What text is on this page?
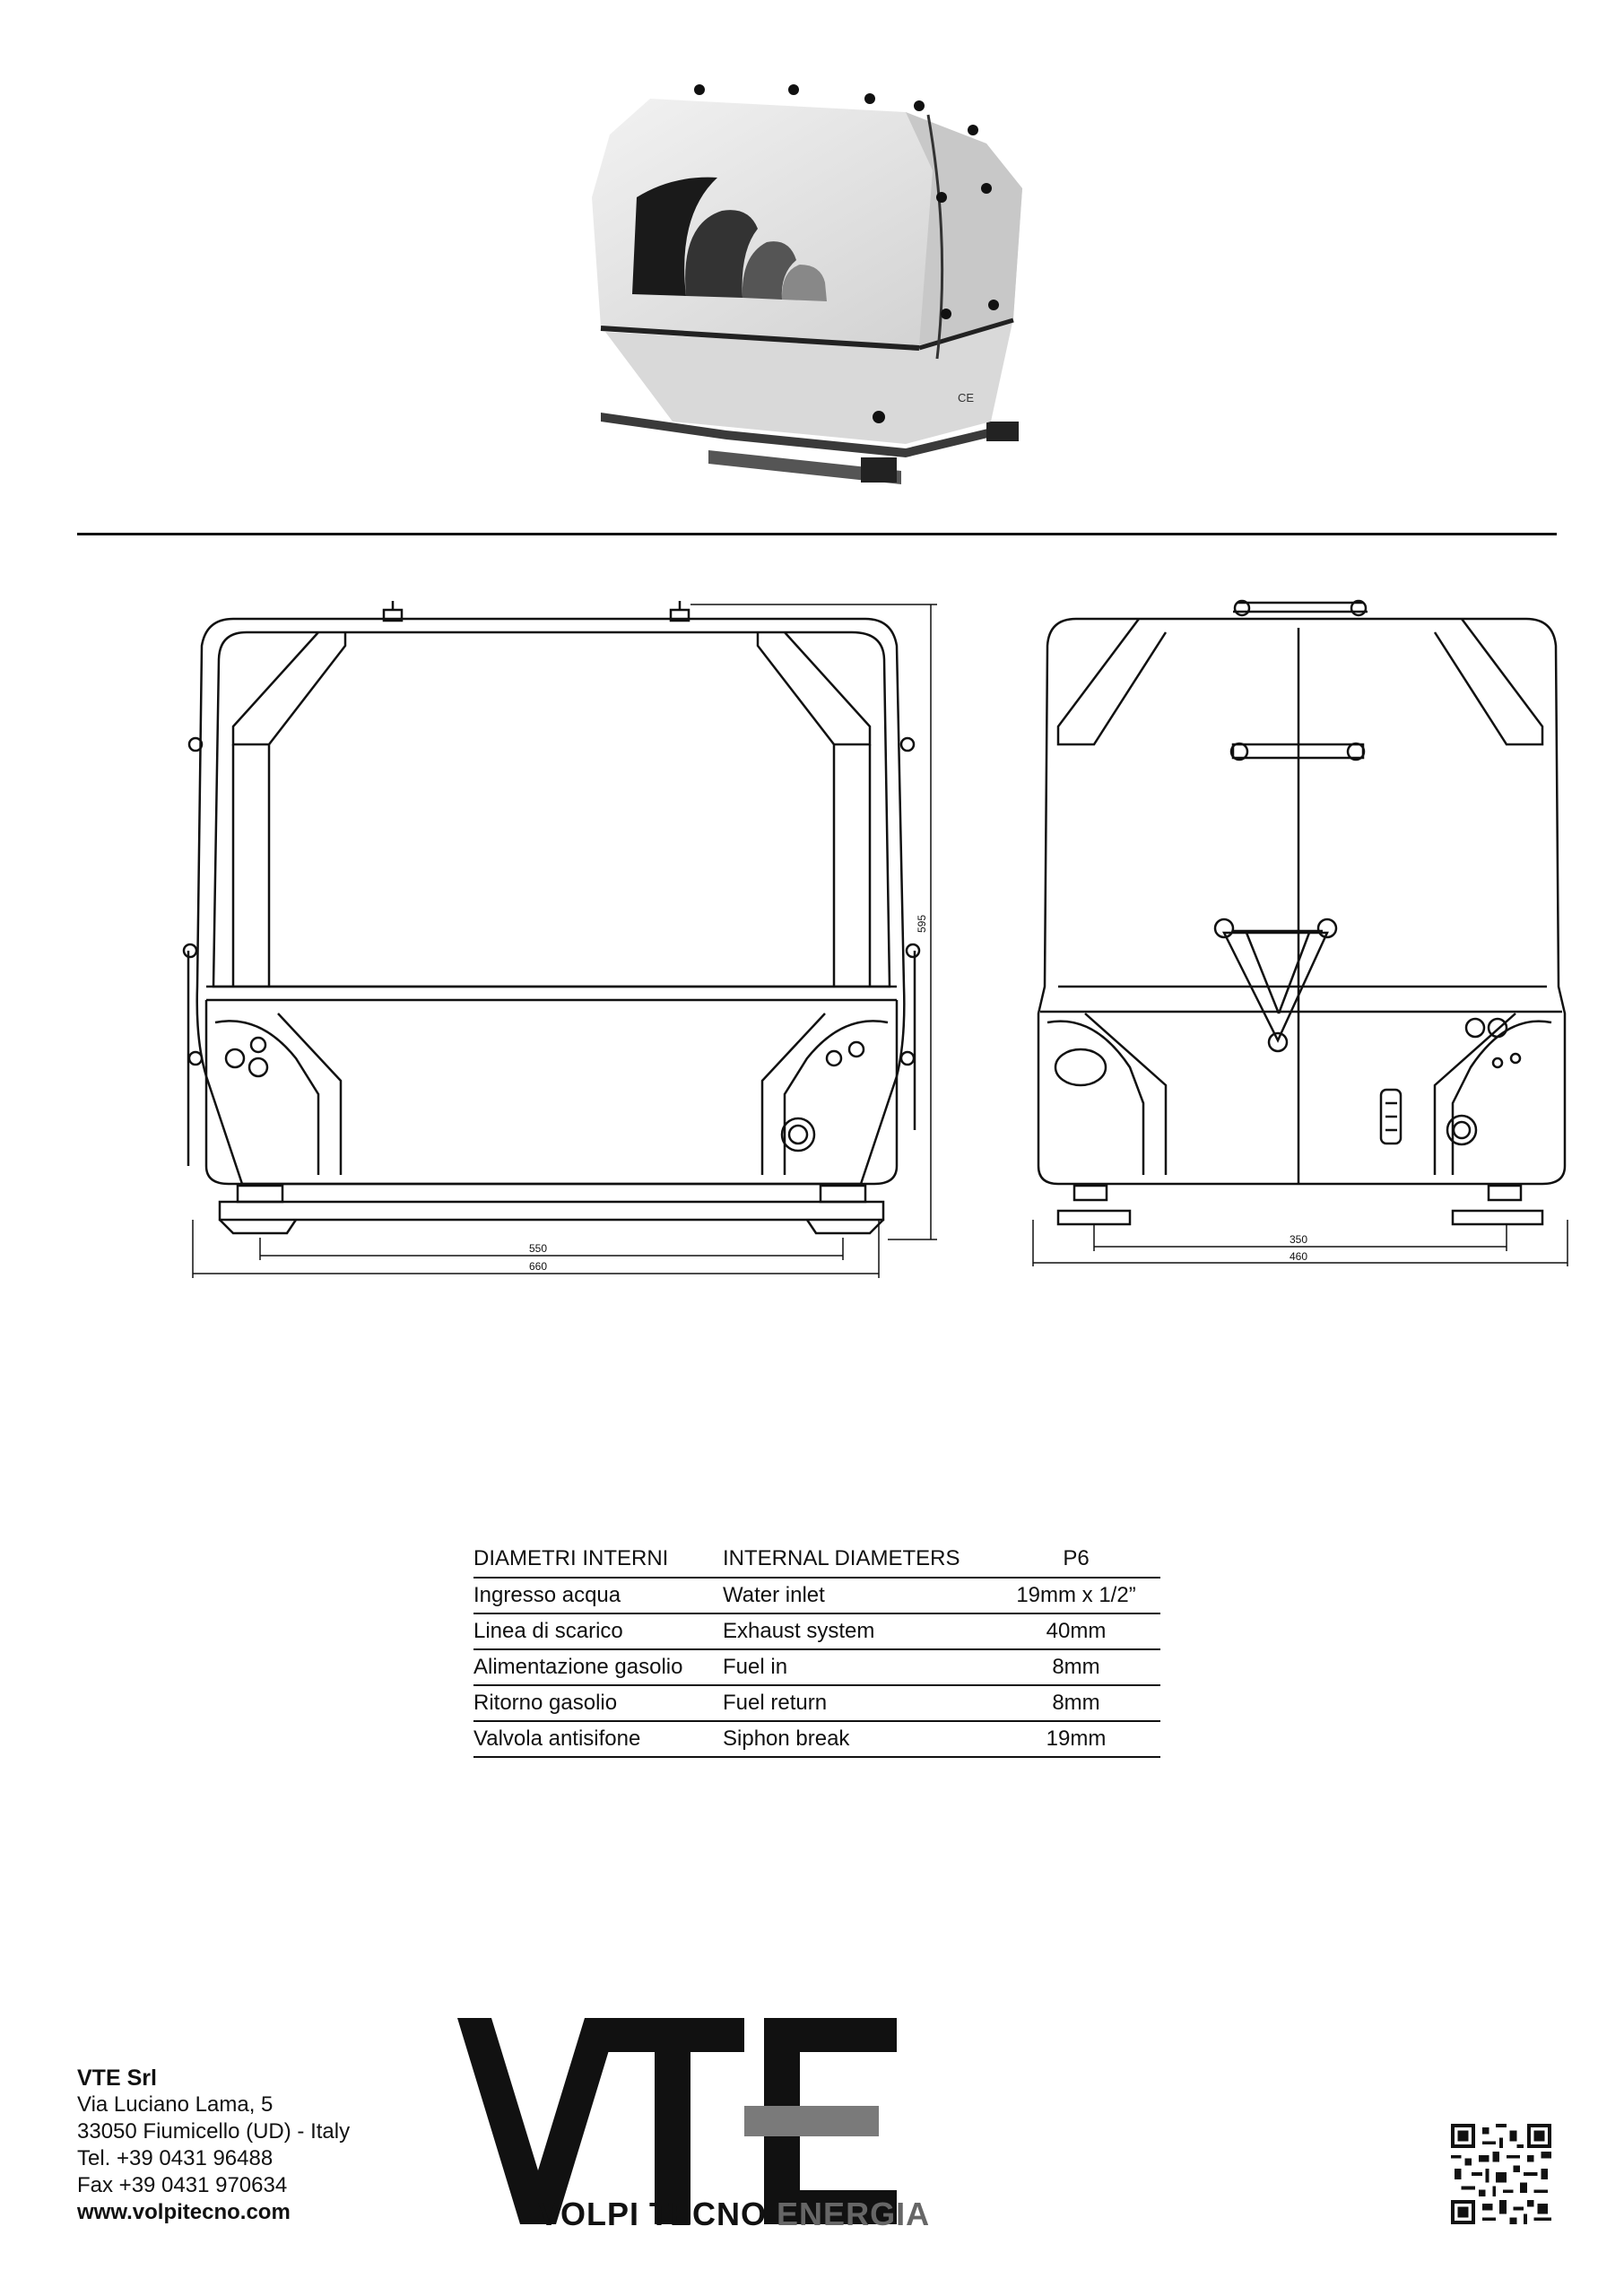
CE
550
660
595
350
460
DIAMETRI INTERNI	INTERNAL DIAMETERS	P6
Ingresso acqua	Water inlet	19mm x 1/2”
Linea di scarico	Exhaust system	40mm
Alimentazione gasolio	Fuel in	8mm
Ritorno gasolio	Fuel return	8mm
Valvola antisifone	Siphon break	19mm
VTE Srl
Via Luciano Lama, 5
33050 Fiumicello (UD) - Italy
Tel. +39 0431 96488
Fax +39 0431 970634
www.volpitecno.com	VOLPI TECNO ENERGIA
